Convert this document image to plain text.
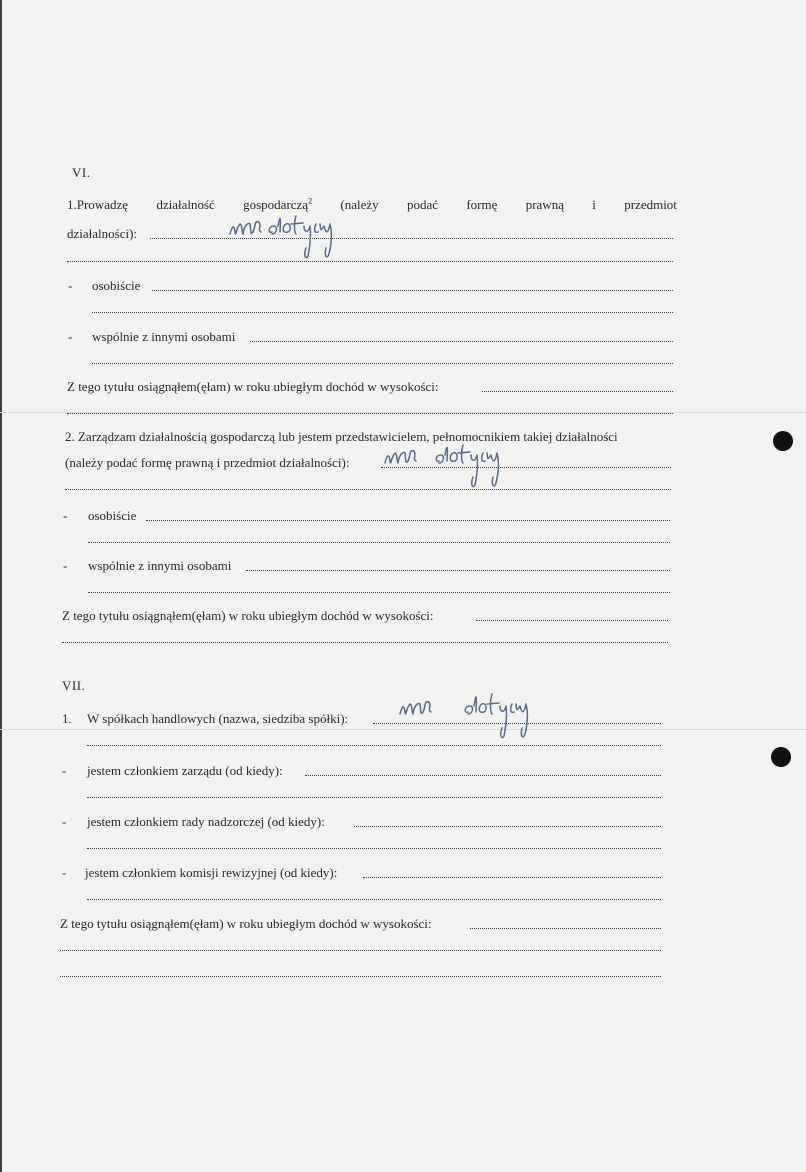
VI.
1.Prowadzę działalność gospodarczą$^2$ (należy podać formę prawną i przedmiot
działalności):
- osobiście
- wspólnie z innymi osobami
Z tego tytułu osiągnąłem(ęłam) w roku ubiegłym dochód w wysokości:
2. Zarządzam działalnością gospodarczą lub jestem przedstawicielem, pełnomocnikiem takiej działalności
(należy podać formę prawną i przedmiot działalności):
- osobiście
- wspólnie z innymi osobami
Z tego tytułu osiągnąłem(ęłam) w roku ubiegłym dochód w wysokości:
VII.
1. W spółkach handlowych (nazwa, siedziba spółki):
- jestem członkiem zarządu (od kiedy):
- jestem członkiem rady nadzorczej (od kiedy):
- jestem członkiem komisji rewizyjnej (od kiedy):
Z tego tytułu osiągnąłem(ęłam) w roku ubiegłym dochód w wysokości:
